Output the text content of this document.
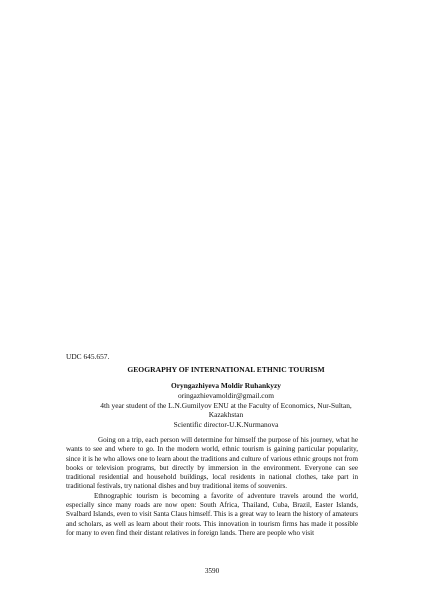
UDC 645.657.
GEOGRAPHY OF INTERNATIONAL ETHNIC TOURISM
Oryngazhiyeva Moldir Ruhankyzy
oringazhievamoldir@gmail.com
4th year student of the L.N.Gumilyov ENU at the Faculty of Economics, Nur-Sultan,
Kazakhstan
Scientific director-U.K.Nurmanova

Going on a trip, each person will determine for himself the purpose of his journey, what he wants to see and where to go. In the modern world, ethnic tourism is gaining particular popularity, since it is he who allows one to learn about the traditions and culture of various ethnic groups not from books or television programs, but directly by immersion in the environment. Everyone can see traditional residential and household buildings, local residents in national clothes, take part in traditional festivals, try national dishes and buy traditional items of souvenirs.

Ethnographic tourism is becoming a favorite of adventure travels around the world, especially since many roads are now open: South Africa, Thailand, Cuba, Brazil, Easter Islands, Svalbard Islands, even to visit Santa Claus himself. This is a great way to learn the history of amateurs and scholars, as well as learn about their roots. This innovation in tourism firms has made it possible for many to even find their distant relatives in foreign lands. There are people who visit

3590
